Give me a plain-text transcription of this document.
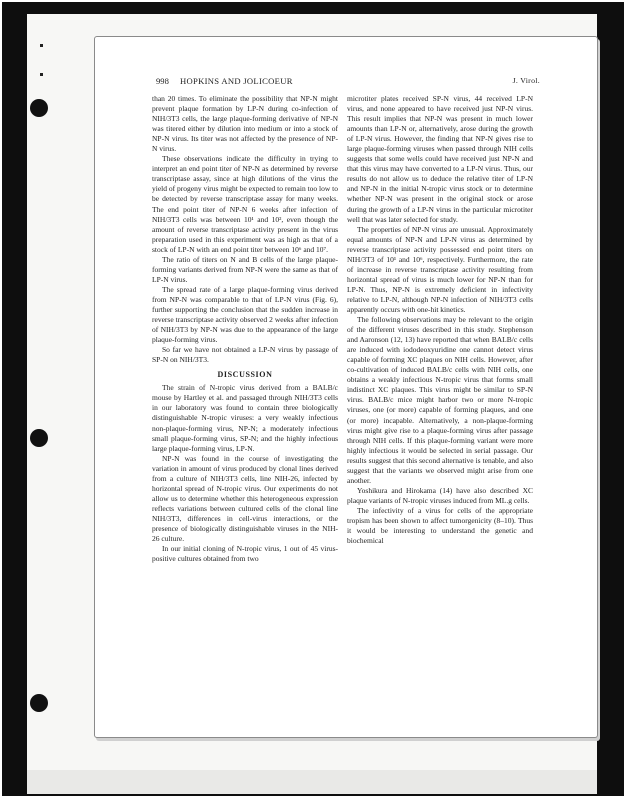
998 HOPKINS AND JOLICOEUR	J. Virol.

than 20 times. To eliminate the possibility that NP-N might prevent plaque formation by LP-N during co-infection of NIH/3T3 cells, the large plaque-forming derivative of NP-N was titered either by dilution into medium or into a stock of NP-N virus. Its titer was not affected by the presence of NP-N virus.

These observations indicate the difficulty in trying to interpret an end point titer of NP-N as determined by reverse transcriptase assay, since at high dilutions of the virus the yield of progeny virus might be expected to remain too low to be detected by reverse transcriptase assay for many weeks. The end point titer of NP-N 6 weeks after infection of NIH/3T3 cells was between 10¹ and 10², even though the amount of reverse transcriptase activity present in the virus preparation used in this experiment was as high as that of a stock of LP-N with an end point titer between 10⁶ and 10⁷.

The ratio of titers on N and B cells of the large plaque-forming variants derived from NP-N were the same as that of LP-N virus.

The spread rate of a large plaque-forming virus derived from NP-N was comparable to that of LP-N virus (Fig. 6), further supporting the conclusion that the sudden increase in reverse transcriptase activity observed 2 weeks after infection of NIH/3T3 by NP-N was due to the appearance of the large plaque-forming virus.

So far we have not obtained a LP-N virus by passage of SP-N on NIH/3T3.

DISCUSSION

The strain of N-tropic virus derived from a BALB/c mouse by Hartley et al. and passaged through NIH/3T3 cells in our laboratory was found to contain three biologically distinguishable N-tropic viruses: a very weakly infectious non-plaque-forming virus, NP-N; a moderately infectious small plaque-forming virus, SP-N; and the highly infectious large plaque-forming virus, LP-N.

NP-N was found in the course of investigating the variation in amount of virus produced by clonal lines derived from a culture of NIH/3T3 cells, line NIH-26, infected by horizontal spread of N-tropic virus. Our experiments do not allow us to determine whether this heterogeneous expression reflects variations between cultured cells of the clonal line NIH/3T3, differences in cell-virus interactions, or the presence of biologically distinguishable viruses in the NIH-26 culture.

In our initial cloning of N-tropic virus, 1 out of 45 virus-positive cultures obtained from two

microtiter plates received SP-N virus, 44 received LP-N virus, and none appeared to have received just NP-N virus. This result implies that NP-N was present in much lower amounts than LP-N or, alternatively, arose during the growth of LP-N virus. However, the finding that NP-N gives rise to large plaque-forming viruses when passed through NIH cells suggests that some wells could have received just NP-N and that this virus may have converted to a LP-N virus. Thus, our results do not allow us to deduce the relative titer of LP-N and NP-N in the initial N-tropic virus stock or to determine whether NP-N was present in the original stock or arose during the growth of a LP-N virus in the particular microtiter well that was later selected for study.

The properties of NP-N virus are unusual. Approximately equal amounts of NP-N and LP-N virus as determined by reverse transcriptase activity possessed end point titers on NIH/3T3 of 10¹ and 10⁶, respectively. Furthermore, the rate of increase in reverse transcriptase activity resulting from horizontal spread of virus is much lower for NP-N than for LP-N. Thus, NP-N is extremely deficient in infectivity relative to LP-N, although NP-N infection of NIH/3T3 cells apparently occurs with one-hit kinetics.

The following observations may be relevant to the origin of the different viruses described in this study. Stephenson and Aaronson (12, 13) have reported that when BALB/c cells are induced with iododeoxyuridine one cannot detect virus capable of forming XC plaques on NIH cells. However, after co-cultivation of induced BALB/c cells with NIH cells, one obtains a weakly infectious N-tropic virus that forms small indistinct XC plaques. This virus might be similar to SP-N virus. BALB/c mice might harbor two or more N-tropic viruses, one (or more) capable of forming plaques, and one (or more) incapable. Alternatively, a non-plaque-forming virus might give rise to a plaque-forming virus after passage through NIH cells. If this plaque-forming variant were more highly infectious it would be selected in serial passage. Our results suggest that this second alternative is tenable, and also suggest that the variants we observed might arise from one another.

Yoshikura and Hirokama (14) have also described XC plaque variants of N-tropic viruses induced from ML.g cells.

The infectivity of a virus for cells of the appropriate tropism has been shown to affect tumorgenicity (8–10). Thus it would be interesting to understand the genetic and biochemical
